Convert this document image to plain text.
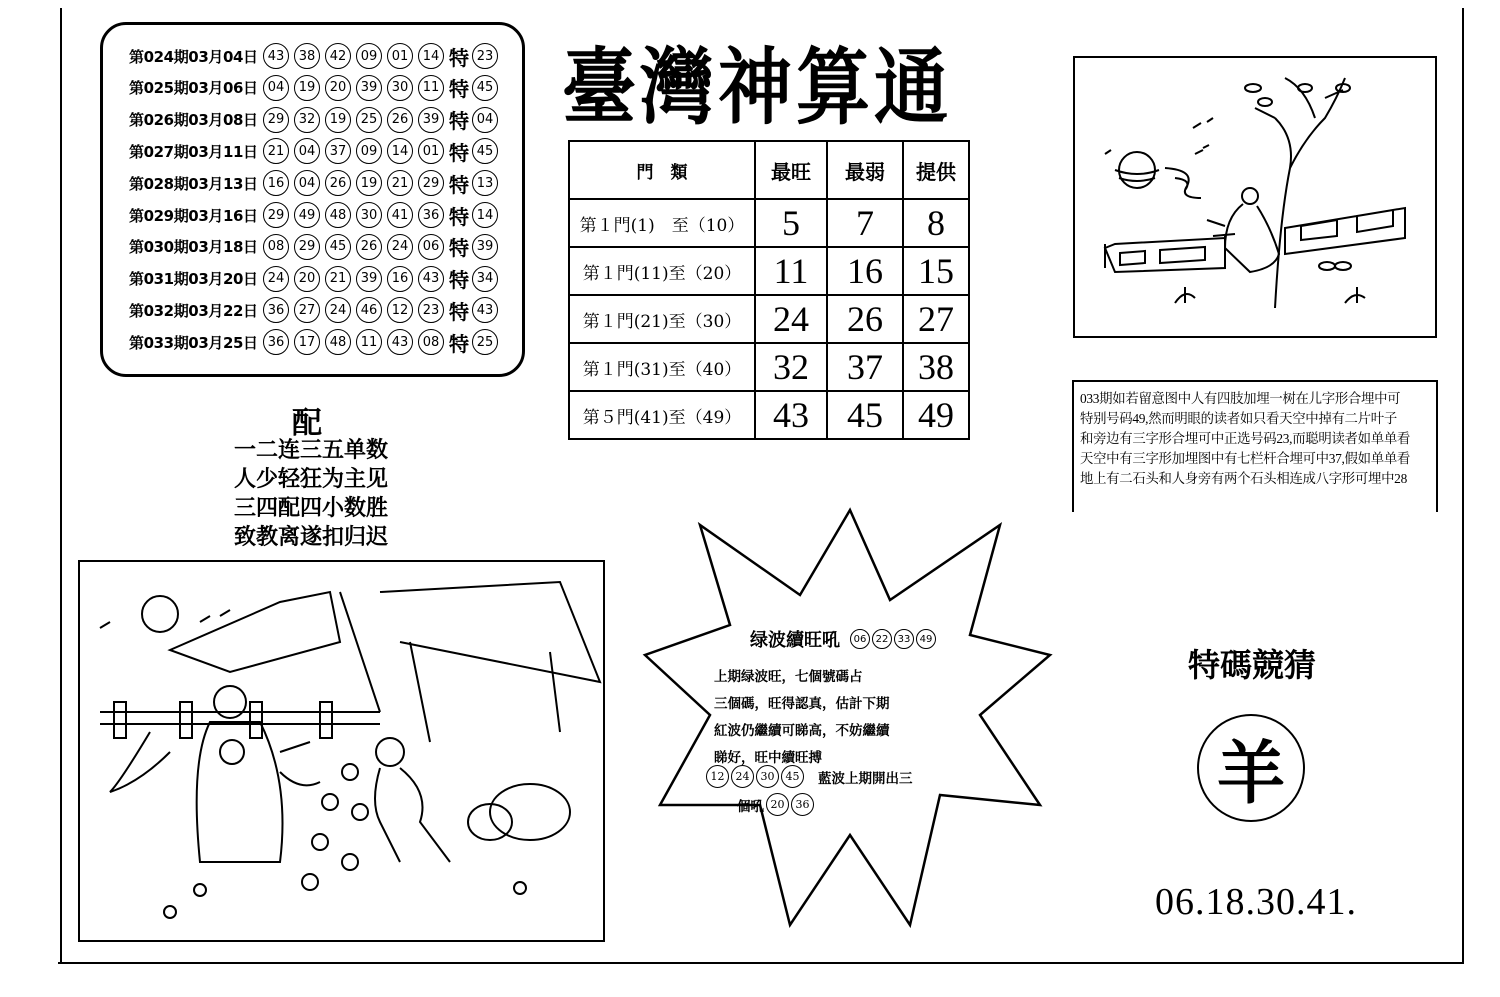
第024期03月04日 43	38	42	09	01	14 特 23
第025期03月06日 04	19	20	39	30	11 特 45
第026期03月08日 29	32	19	25	26	39 特 04
第027期03月11日 21	04	37	09	14	01 特 45
第028期03月13日 16	04	26	19	21	29 特 13
第029期03月16日 29	49	48	30	41	36 特 14
第030期03月18日 08	29	45	26	24	06 特 39
第031期03月20日 24	20	21	39	16	43 特 34
第032期03月22日 36	27	24	46	12	23 特 43
第033期03月25日 36	17	48	11	43	08 特 25
臺灣神算通
門　類	最旺	最弱	提供
第１門(1)　至（10）	5	7	8
第１門(11)至（20）	11	16	15
第１門(21)至（30）	24	26	27
第１門(31)至（40）	32	37	38
第５門(41)至（49）	43	45	49
配
一二连三五单数
人少轻狂为主见
三四配四小数胜
致教离遂扣归迟
033期如若留意图中人有四肢加埋一树在儿字形合埋中可
特别号码49,然而明眼的读者如只看天空中掉有二片叶子
和旁边有三字形合埋可中正选号码23,而聪明读者如单单看
天空中有三字形加埋图中有七栏杆合埋可中37,假如单单看
地上有二石头和人身旁有两个石头相连成八字形可埋中28
绿波續旺吼	06 22 33 49
上期绿波旺，七個號碼占
三個碼，旺得認真，估計下期
紅波仍繼續可睇高，不妨繼續
睇好，旺中續旺搏
12	24	30	45	藍波上期開出三
個吼 20	36
特碼競猜
羊
06.18.30.41.
